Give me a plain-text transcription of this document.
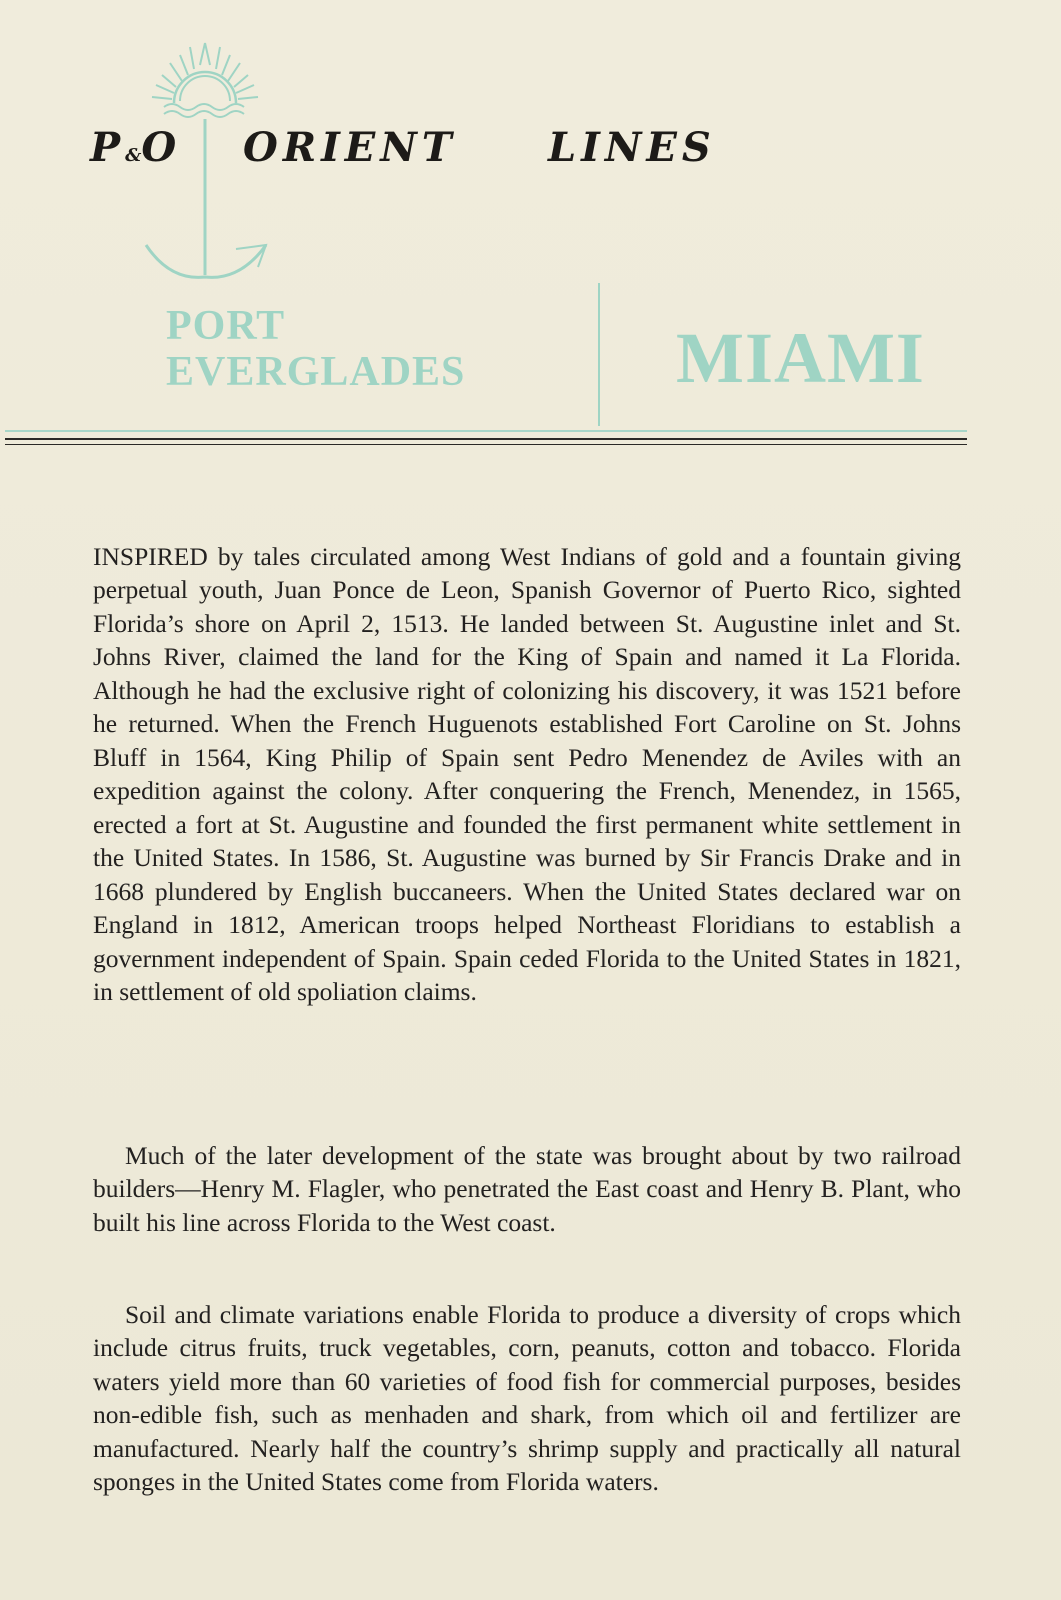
P&O ORIENT LINES
PORT
EVERGLADES	MIAMI

INSPIRED by tales circulated among West Indians of gold and a fountain giving perpetual youth, Juan Ponce de Leon, Spanish Governor of Puerto Rico, sighted Florida’s shore on April 2, 1513. He landed between St. Augustine inlet and St. Johns River, claimed the land for the King of Spain and named it La Florida. Although he had the exclusive right of colonizing his discovery, it was 1521 before he returned. When the French Huguenots established Fort Caroline on St. Johns Bluff in 1564, King Philip of Spain sent Pedro Menendez de Aviles with an expedition against the colony. After conquering the French, Menendez, in 1565, erected a fort at St. Augustine and founded the first permanent white settlement in the United States. In 1586, St. Augustine was burned by Sir Francis Drake and in 1668 plundered by English buccaneers. When the United States declared war on England in 1812, American troops helped Northeast Floridians to establish a government independent of Spain. Spain ceded Florida to the United States in 1821, in settlement of old spoliation claims.

Much of the later development of the state was brought about by two railroad builders—Henry M. Flagler, who penetrated the East coast and Henry B. Plant, who built his line across Florida to the West coast.

Soil and climate variations enable Florida to produce a diversity of crops which include citrus fruits, truck vegetables, corn, peanuts, cotton and tobacco. Florida waters yield more than 60 varieties of food fish for commercial purposes, besides non-edible fish, such as menhaden and shark, from which oil and fertilizer are manufactured. Nearly half the country’s shrimp supply and practically all natural sponges in the United States come from Florida waters.
